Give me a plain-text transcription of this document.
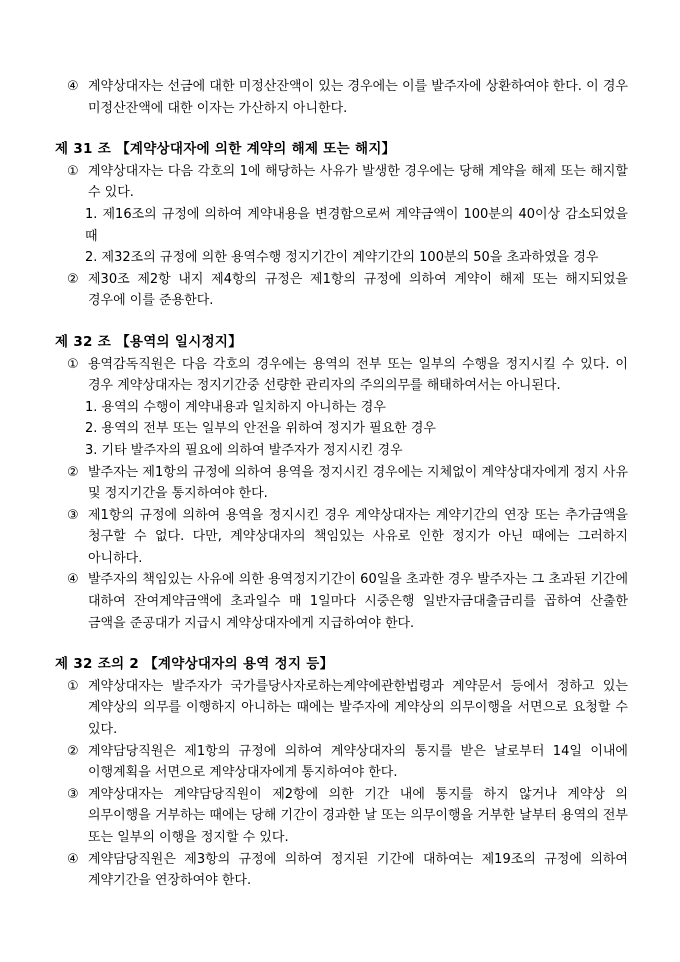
④ 계약상대자는 선금에 대한 미정산잔액이 있는 경우에는 이를 발주자에 상환하여야 한다. 이 경우 미정산잔액에 대한 이자는 가산하지 아니한다.
제 31 조 【계약상대자에 의한 계약의 해제 또는 해지】
① 계약상대자는 다음 각호의 1에 해당하는 사유가 발생한 경우에는 당해 계약을 해제 또는 해지할 수 있다.
1. 제16조의 규정에 의하여 계약내용을 변경함으로써 계약금액이 100분의 40이상 감소되었을 때
2. 제32조의 규정에 의한 용역수행 정지기간이 계약기간의 100분의 50을 초과하였을 경우
② 제30조 제2항 내지 제4항의 규정은 제1항의 규정에 의하여 계약이 해제 또는 해지되었을 경우에 이를 준용한다.
제 32 조 【용역의 일시정지】
① 용역감독직원은 다음 각호의 경우에는 용역의 전부 또는 일부의 수행을 정지시킬 수 있다. 이 경우 계약상대자는 정지기간중 선량한 관리자의 주의의무를 해태하여서는 아니된다.
1. 용역의 수행이 계약내용과 일치하지 아니하는 경우
2. 용역의 전부 또는 일부의 안전을 위하여 정지가 필요한 경우
3. 기타 발주자의 필요에 의하여 발주자가 정지시킨 경우
② 발주자는 제1항의 규정에 의하여 용역을 정지시킨 경우에는 지체없이 계약상대자에게 정지 사유 및 정지기간을 통지하여야 한다.
③ 제1항의 규정에 의하여 용역을 정지시킨 경우 계약상대자는 계약기간의 연장 또는 추가금액을 청구할 수 없다. 다만, 계약상대자의 책임있는 사유로 인한 정지가 아닌 때에는 그러하지 아니하다.
④ 발주자의 책임있는 사유에 의한 용역정지기간이 60일을 초과한 경우 발주자는 그 초과된 기간에 대하여 잔여계약금액에 초과일수 매 1일마다 시중은행 일반자금대출금리를 곱하여 산출한 금액을 준공대가 지급시 계약상대자에게 지급하여야 한다.
제 32 조의 2 【계약상대자의 용역 정지 등】
① 계약상대자는 발주자가 국가를당사자로하는계약에관한법령과 계약문서 등에서 정하고 있는 계약상의 의무를 이행하지 아니하는 때에는 발주자에 계약상의 의무이행을 서면으로 요청할 수 있다.
② 계약담당직원은 제1항의 규정에 의하여 계약상대자의 통지를 받은 날로부터 14일 이내에 이행계획을 서면으로 계약상대자에게 통지하여야 한다.
③ 계약상대자는 계약담당직원이 제2항에 의한 기간 내에 통지를 하지 않거나 계약상 의 의무이행을 거부하는 때에는 당해 기간이 경과한 날 또는 의무이행을 거부한 날부터 용역의 전부 또는 일부의 이행을 정지할 수 있다.
④ 계약담당직원은 제3항의 규정에 의하여 정지된 기간에 대하여는 제19조의 규정에 의하여 계약기간을 연장하여야 한다.
